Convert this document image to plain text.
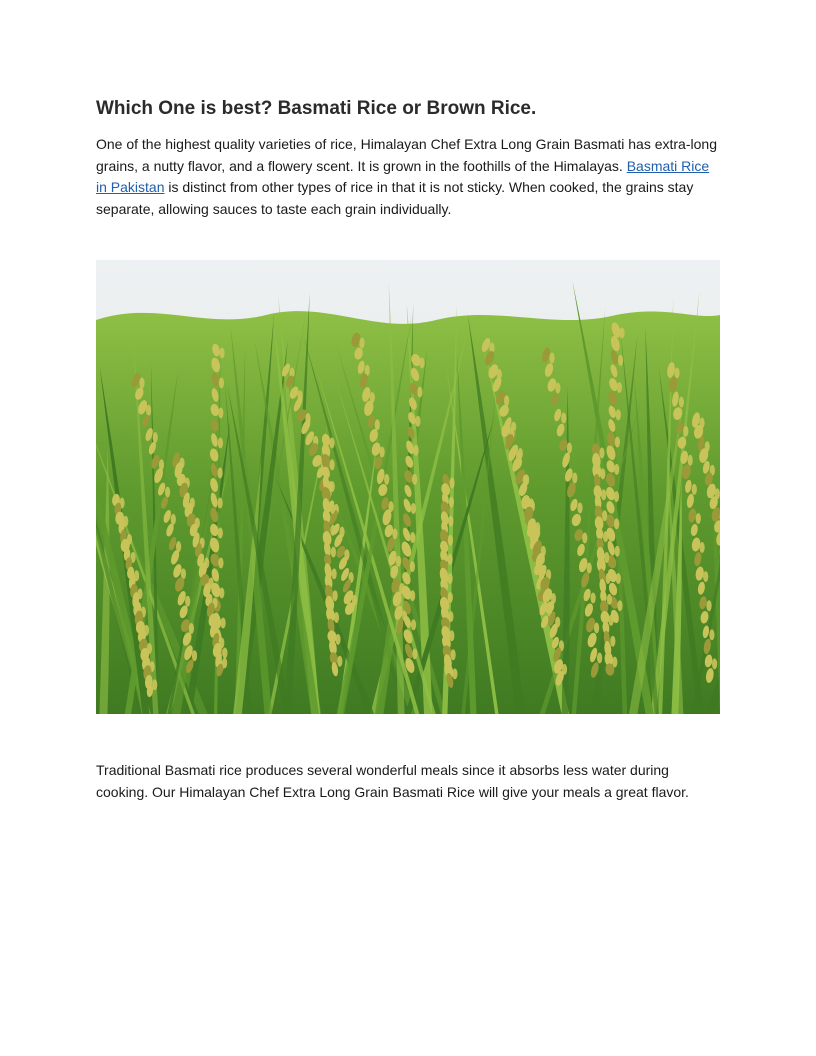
Which One is best? Basmati Rice or Brown Rice.

One of the highest quality varieties of rice, Himalayan Chef Extra Long Grain Basmati has extra-long grains, a nutty flavor, and a flowery scent. It is grown in the foothills of the Himalayas. Basmati Rice in Pakistan is distinct from other types of rice in that it is not sticky. When cooked, the grains stay separate, allowing sauces to taste each grain individually.

Traditional Basmati rice produces several wonderful meals since it absorbs less water during cooking. Our Himalayan Chef Extra Long Grain Basmati Rice will give your meals a great flavor.
